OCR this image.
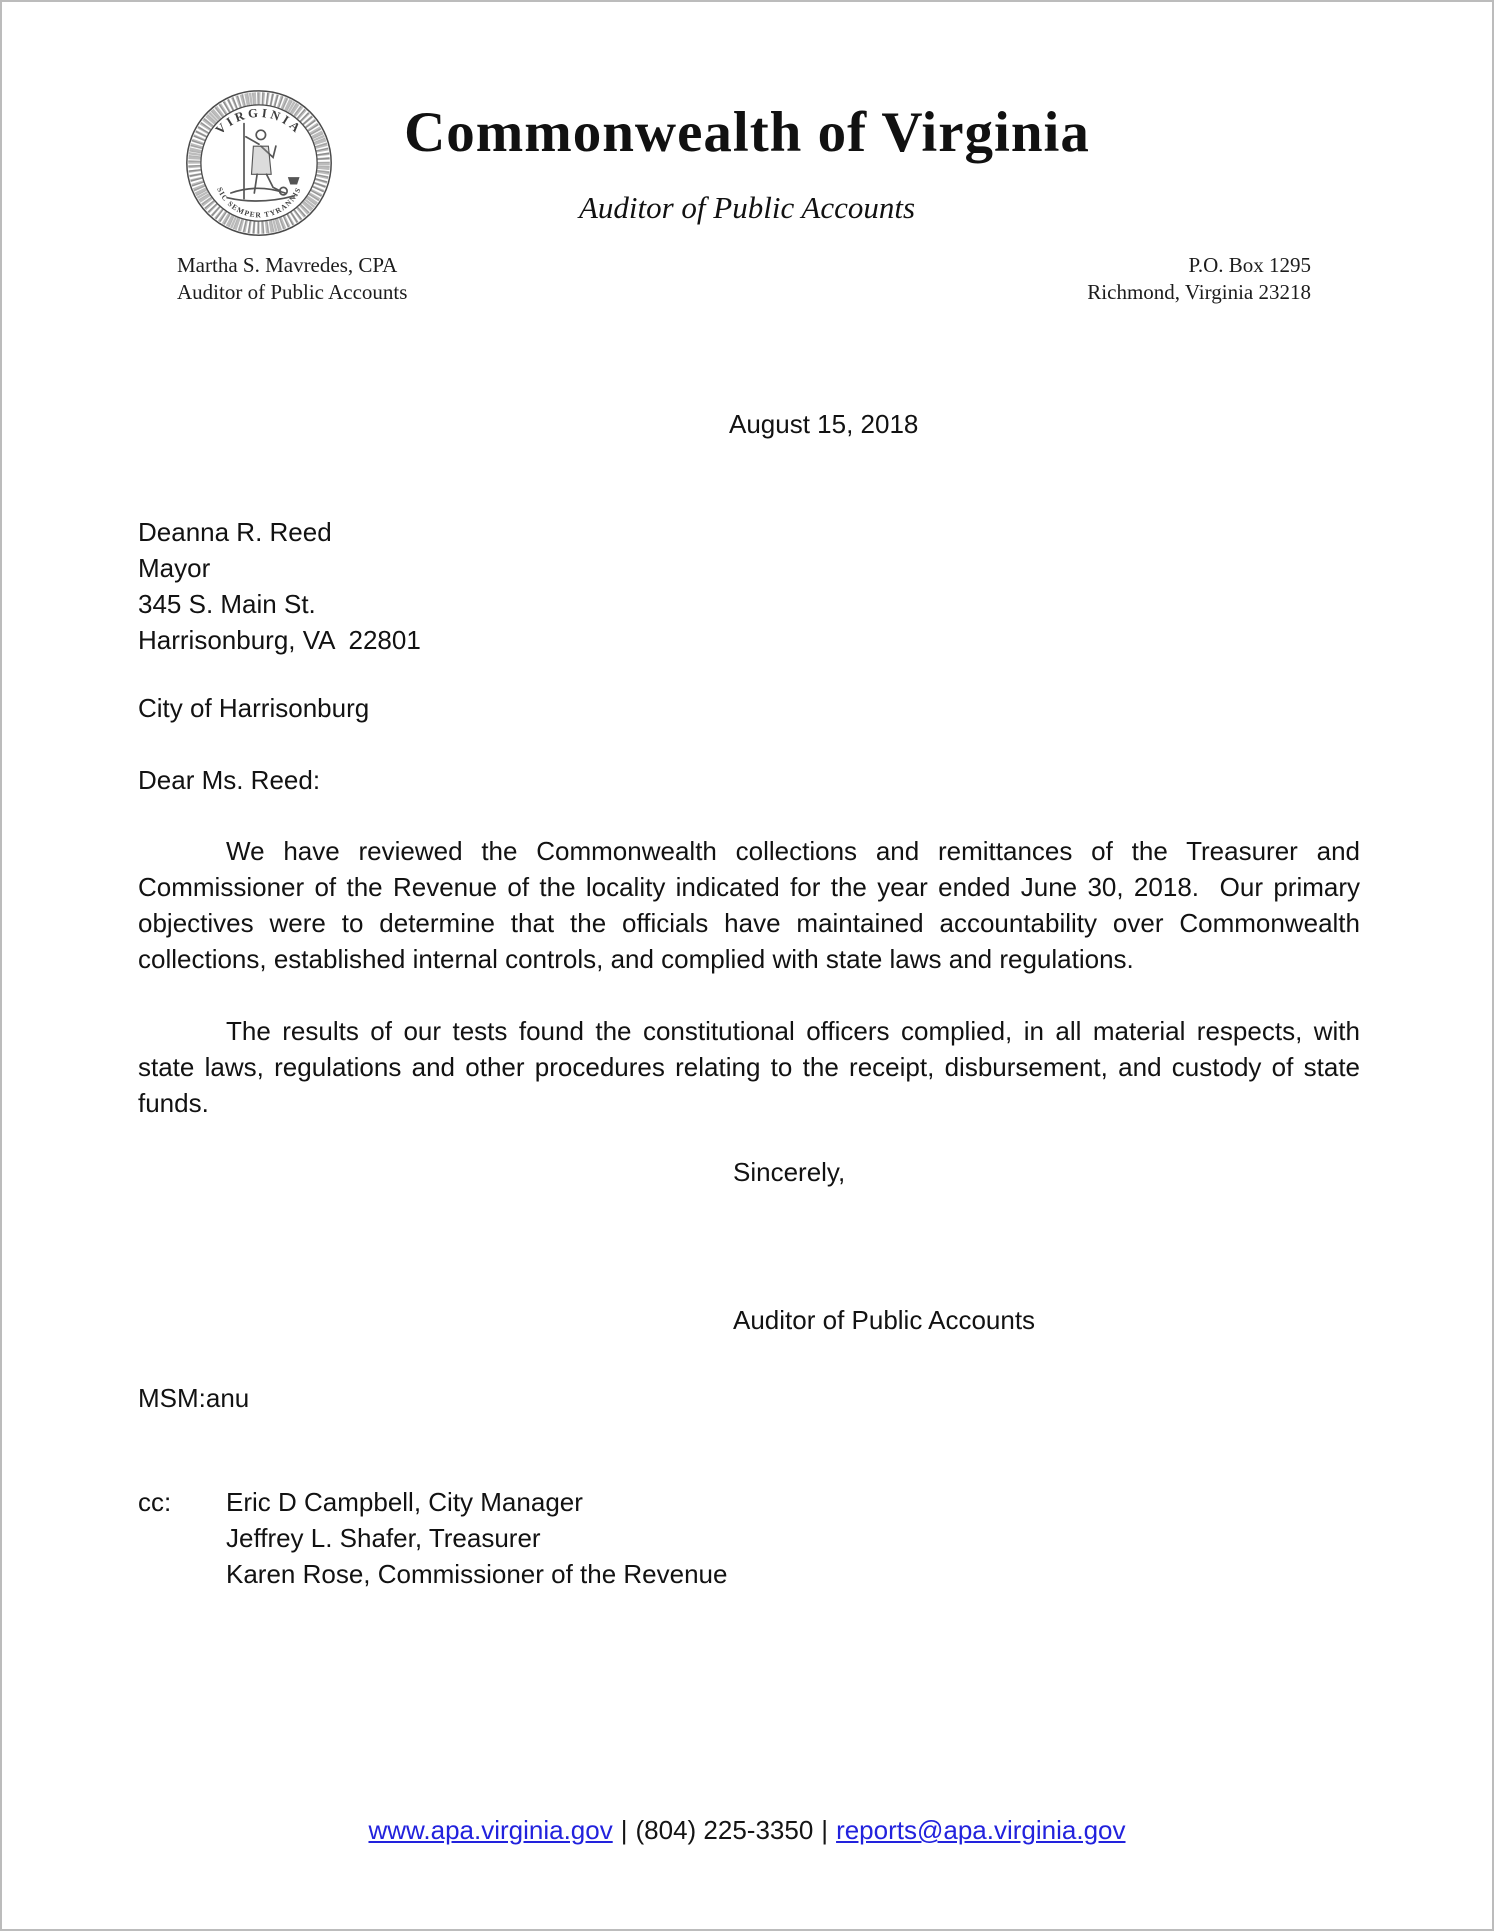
VIRGINIA
SIC SEMPER TYRANNIS
Commonwealth of Virginia
Auditor of Public Accounts
Martha S. Mavredes, CPA
Auditor of Public Accounts
P.O. Box 1295
Richmond, Virginia 23218
August 15, 2018
Deanna R. Reed
Mayor
345 S. Main St.
Harrisonburg, VA  22801
City of Harrisonburg
Dear Ms. Reed:
We have reviewed the Commonwealth collections and remittances of the Treasurer and Commissioner of the Revenue of the locality indicated for the year ended June 30, 2018.  Our primary objectives were to determine that the officials have maintained accountability over Commonwealth collections, established internal controls, and complied with state laws and regulations.
The results of our tests found the constitutional officers complied, in all material respects, with state laws, regulations and other procedures relating to the receipt, disbursement, and custody of state funds.
Sincerely,
Auditor of Public Accounts
MSM:anu
cc: Eric D Campbell, City Manager
Jeffrey L. Shafer, Treasurer
Karen Rose, Commissioner of the Revenue
www.apa.virginia.gov | (804) 225-3350 | reports@apa.virginia.gov
